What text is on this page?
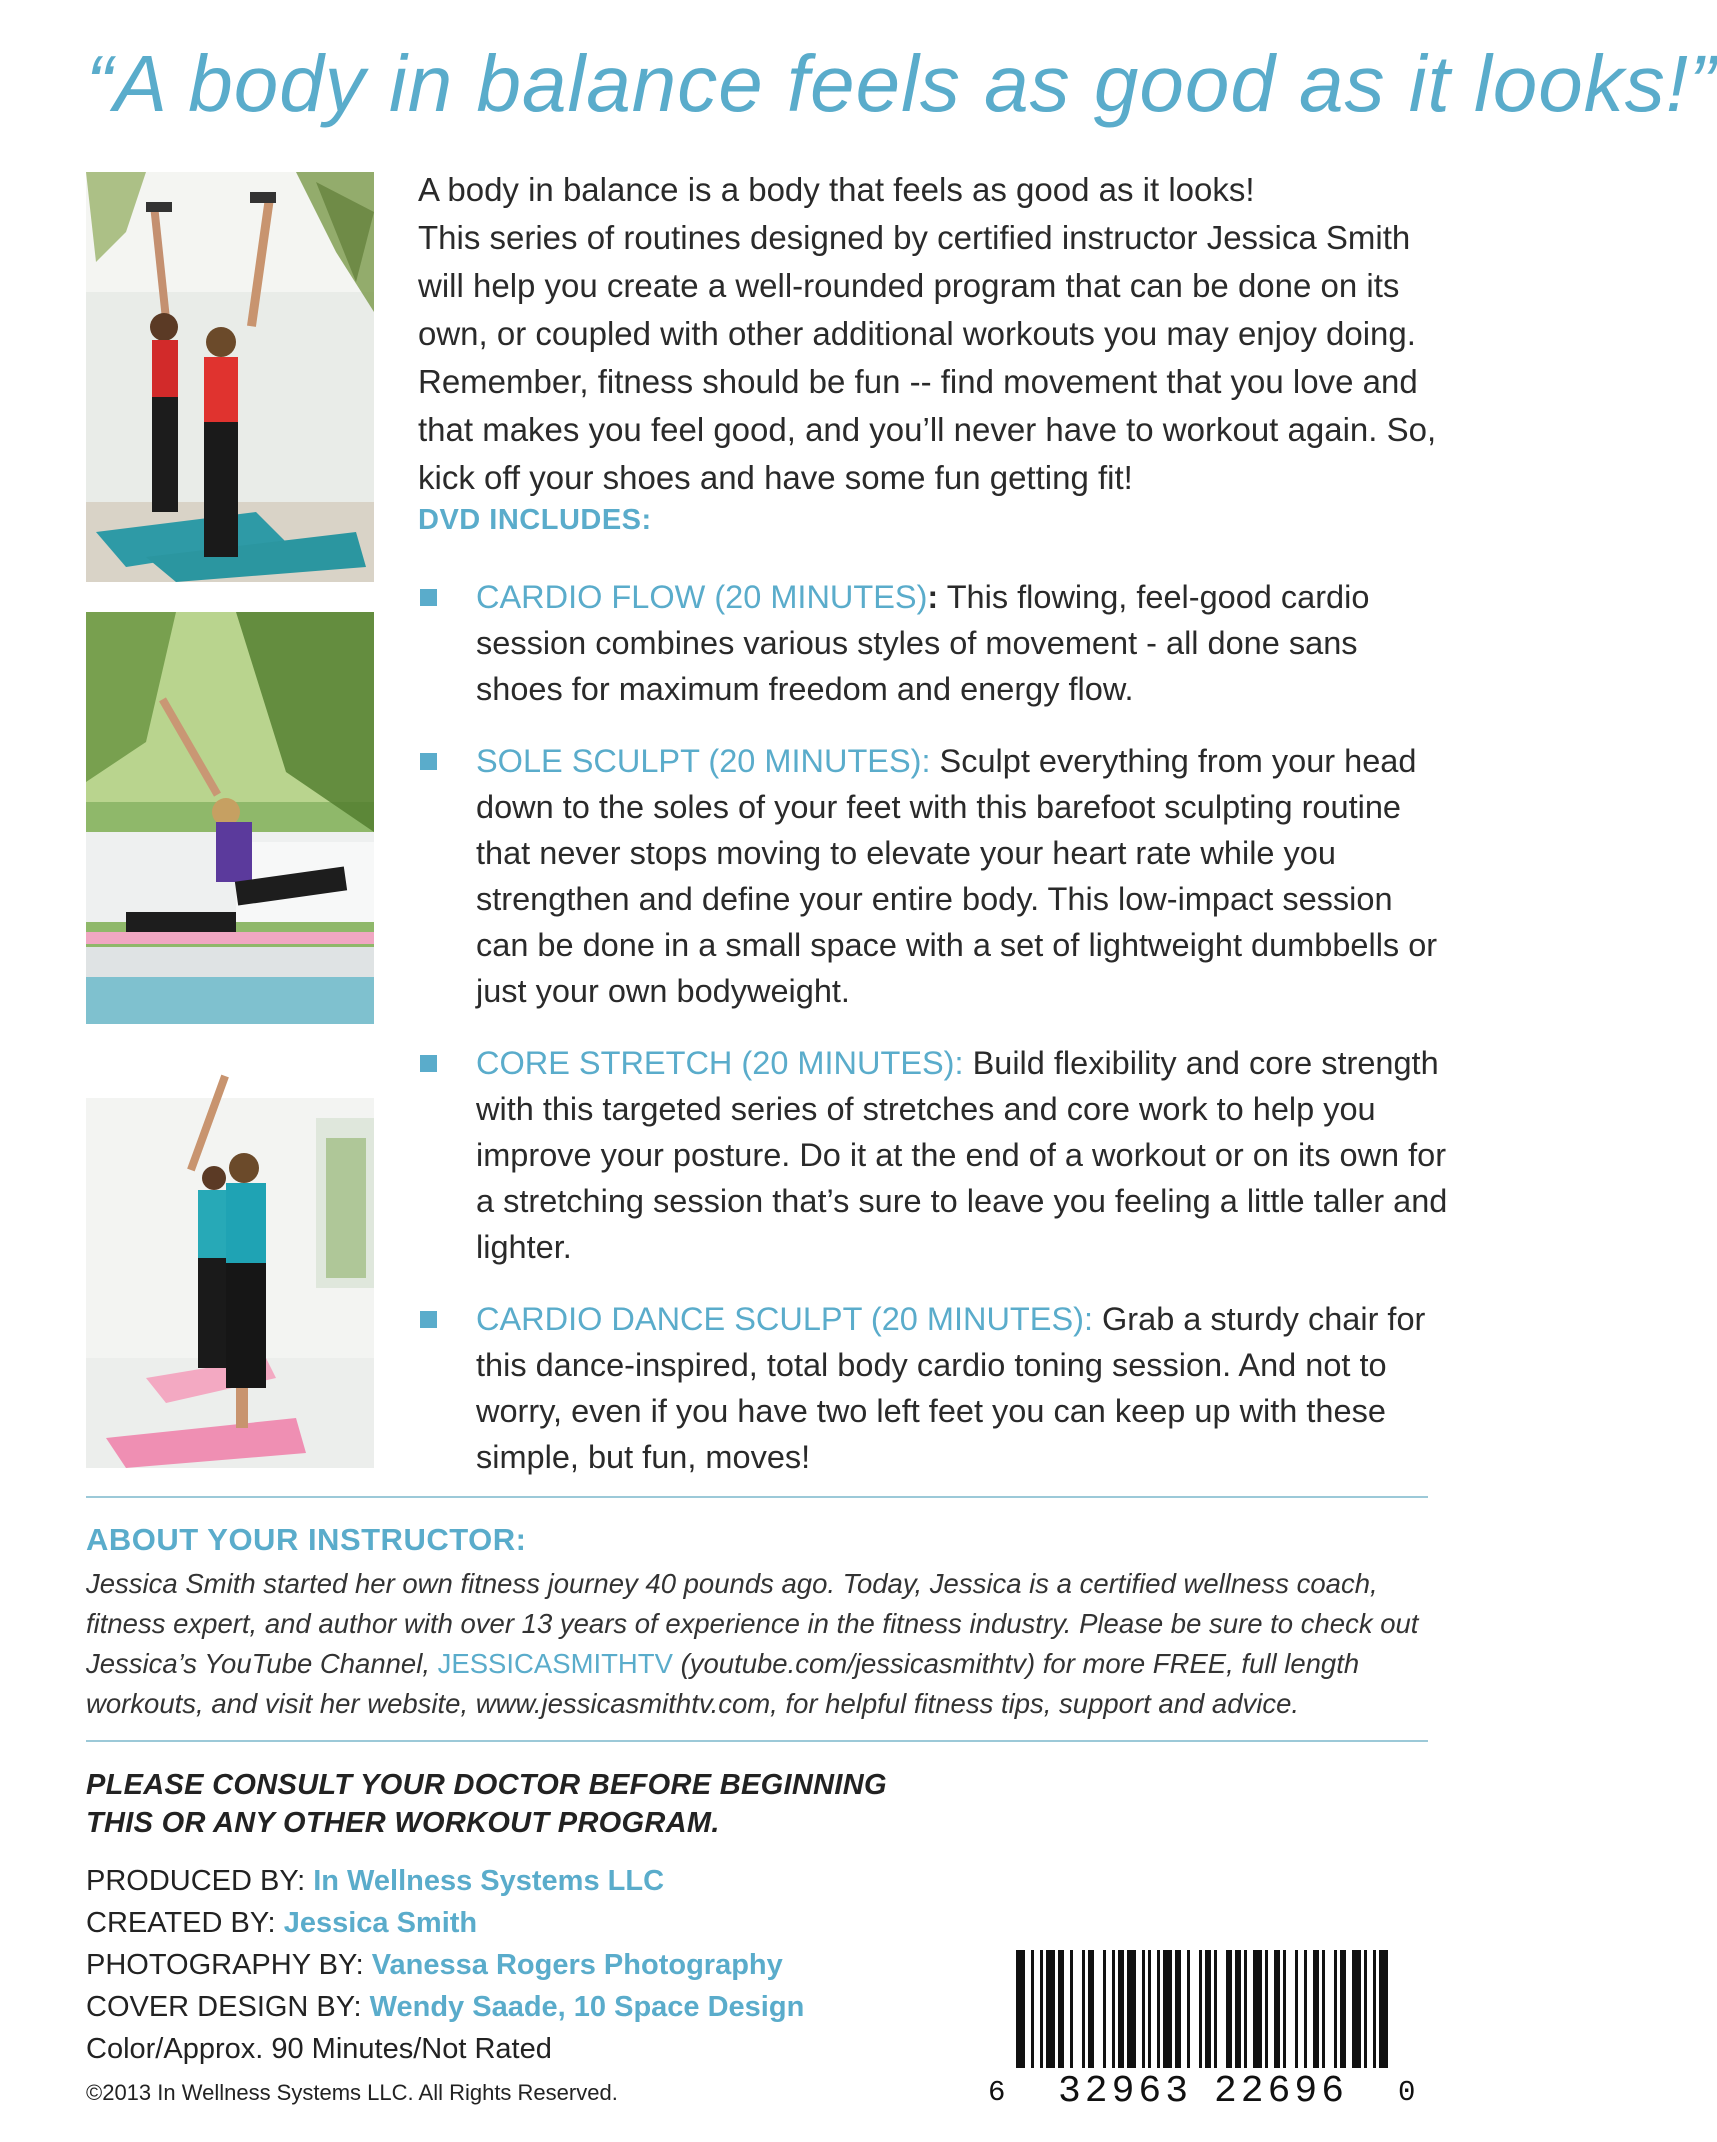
“A body in balance feels as good as it looks!”

A body in balance is a body that feels as good as it looks!

This series of routines designed by certified instructor Jessica Smith will help you create a well-rounded program that can be done on its own, or coupled with other additional workouts you may enjoy doing. Remember, fitness should be fun -- find movement that you love and that makes you feel good, and you’ll never have to workout again. So, kick off your shoes and have some fun getting fit!

DVD INCLUDES:
CARDIO FLOW (20 MINUTES): This flowing, feel-good cardio session combines various styles of movement - all done sans shoes for maximum freedom and energy flow.
SOLE SCULPT (20 MINUTES): Sculpt everything from your head down to the soles of your feet with this barefoot sculpting routine that never stops moving to elevate your heart rate while you strengthen and define your entire body. This low-impact session can be done in a small space with a set of lightweight dumbbells or just your own bodyweight.
CORE STRETCH (20 MINUTES): Build flexibility and core strength with this targeted series of stretches and core work to help you improve your posture. Do it at the end of a workout or on its own for a stretching session that’s sure to leave you feeling a little taller and lighter.
CARDIO DANCE SCULPT (20 MINUTES): Grab a sturdy chair for this dance-inspired, total body cardio toning session. And not to worry, even if you have two left feet you can keep up with these simple, but fun, moves!
ABOUT YOUR INSTRUCTOR:
Jessica Smith started her own fitness journey 40 pounds ago. Today, Jessica is a certified wellness coach, fitness expert, and author with over 13 years of experience in the fitness industry. Please be sure to check out Jessica’s YouTube Channel, JESSICASMITHTV (youtube.com/jessicasmithtv) for more FREE, full length workouts, and visit her website, www.jessicasmithtv.com, for helpful fitness tips, support and advice.
PLEASE CONSULT YOUR DOCTOR BEFORE BEGINNING
THIS OR ANY OTHER WORKOUT PROGRAM.
PRODUCED BY: In Wellness Systems LLC
CREATED BY: Jessica Smith
PHOTOGRAPHY BY: Vanessa Rogers Photography
COVER DESIGN BY: Wendy Saade, 10 Space Design
Color/Approx. 90 Minutes/Not Rated
©2013 In Wellness Systems LLC. All Rights Reserved.	6 32963 22696 0
